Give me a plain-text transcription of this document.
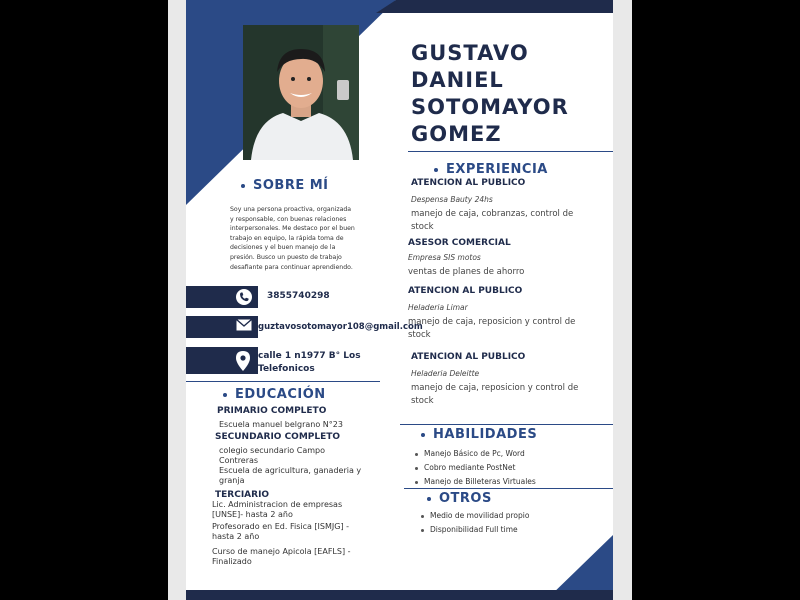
GUSTAVO
DANIEL
SOTOMAYOR
GOMEZ
SOBRE MÍ
Soy una persona proactiva, organizada y responsable, con buenas relaciones interpersonales. Me destaco por el buen trabajo en equipo, la rápida toma de decisiones y el buen manejo de la presión. Busco un puesto de trabajo desafiante para continuar aprendiendo.
3855740298
guztavosotomayor108@gmail.com
calle 1 n1977 B° Los Telefonicos
EDUCACIÓN
PRIMARIO COMPLETO
Escuela manuel belgrano N°23
SECUNDARIO COMPLETO
colegio secundario Campo Contreras
Escuela de agricultura, ganaderia y granja
TERCIARIO
Lic. Administracion de empresas [UNSE]- hasta 2 año
Profesorado en Ed. Fisica [ISMJG] - hasta 2 año
Curso de manejo Apicola [EAFLS] - Finalizado
EXPERIENCIA
ATENCION AL PUBLICO
Despensa Bauty 24hs
manejo de caja, cobranzas, control de stock
ASESOR COMERCIAL
Empresa SIS motos
ventas de planes de ahorro
ATENCION AL PUBLICO
Heladeria Limar
manejo de caja, reposicion y control de stock
ATENCION AL PUBLICO
Heladeria Deleitte
manejo de caja, reposicion y control de stock
HABILIDADES
Manejo Básico de Pc, Word
Cobro mediante PostNet
Manejo de Billeteras Virtuales
OTROS
Medio de movilidad propio
Disponibilidad Full time
